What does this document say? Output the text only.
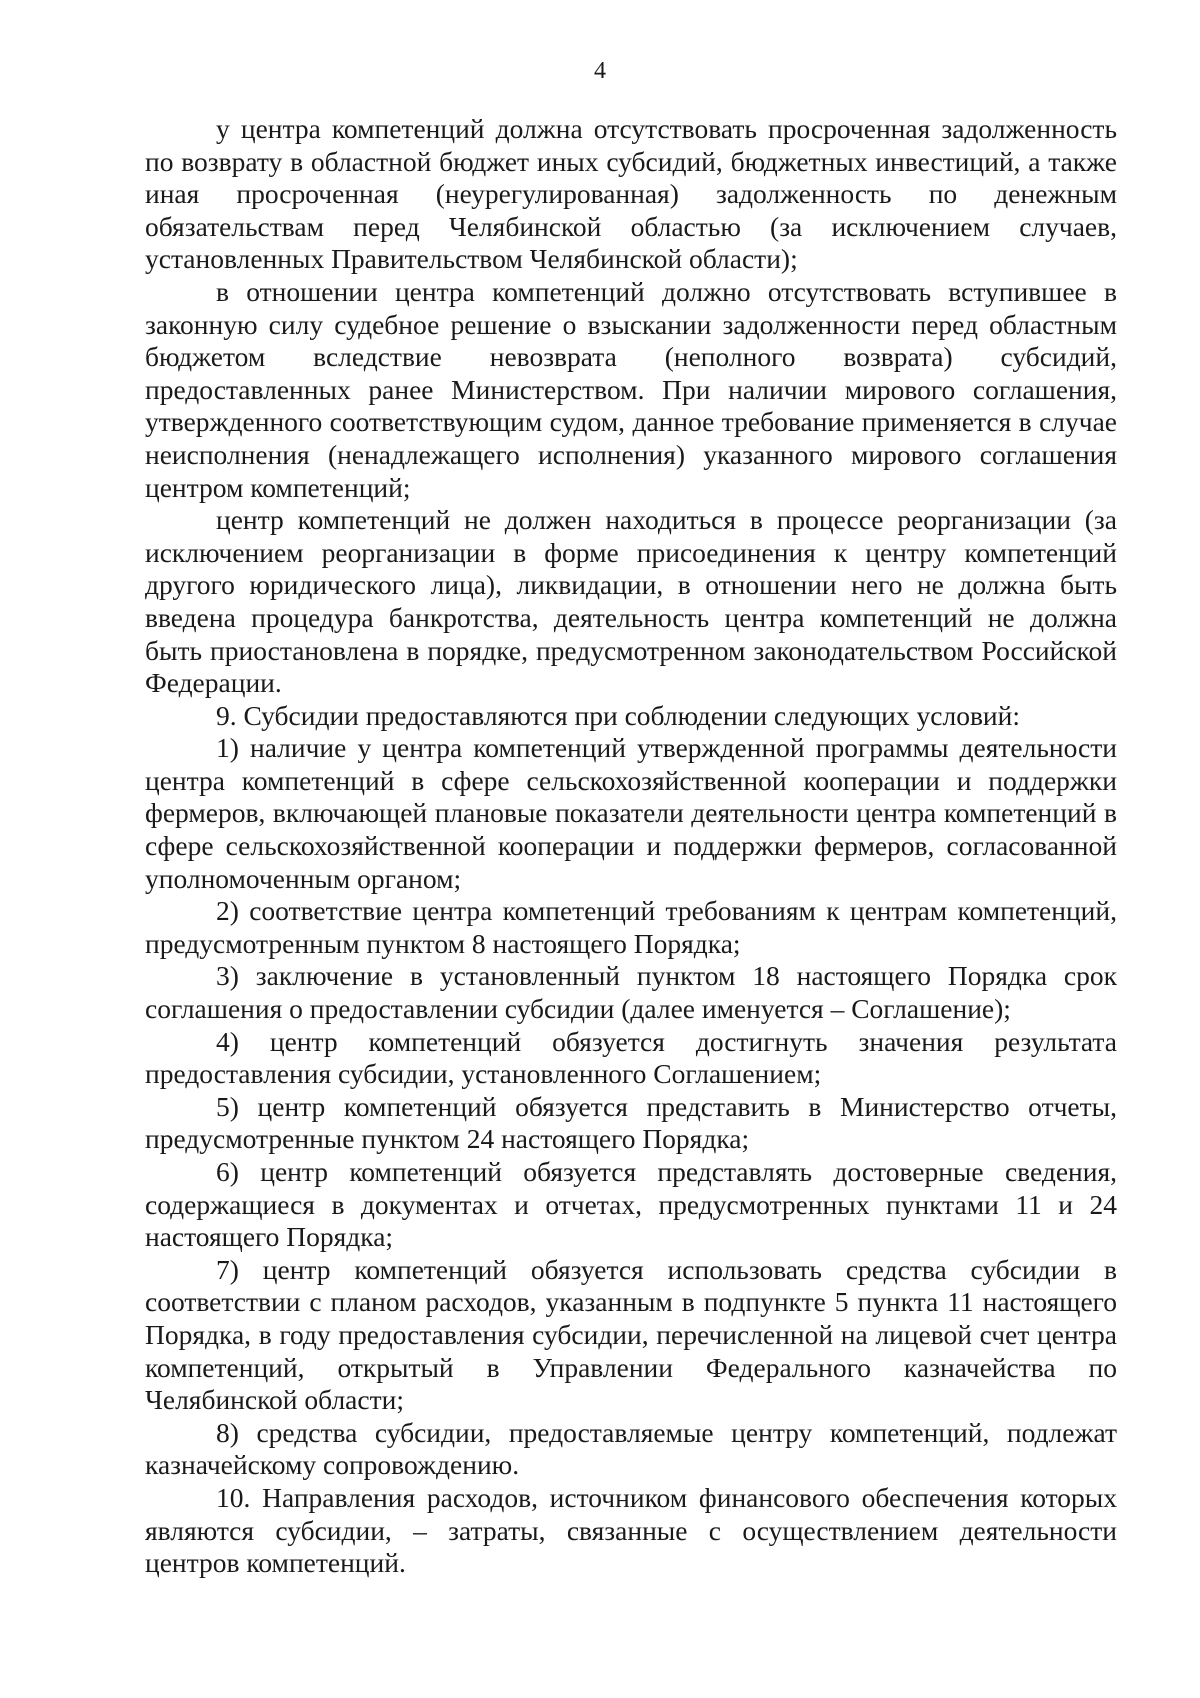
4

у центра компетенций должна отсутствовать просроченная задолженность по возврату в областной бюджет иных субсидий, бюджетных инвестиций, а также иная просроченная (неурегулированная) задолженность по денежным обязательствам перед Челябинской областью (за исключением случаев, установленных Правительством Челябинской области);

в отношении центра компетенций должно отсутствовать вступившее в законную силу судебное решение о взыскании задолженности перед областным бюджетом вследствие невозврата (неполного возврата) субсидий, предоставленных ранее Министерством. При наличии мирового соглашения, утвержденного соответствующим судом, данное требование применяется в случае неисполнения (ненадлежащего исполнения) указанного мирового соглашения центром компетенций;

центр компетенций не должен находиться в процессе реорганизации (за исключением реорганизации в форме присоединения к центру компетенций другого юридического лица), ликвидации, в отношении него не должна быть введена процедура банкротства, деятельность центра компетенций не должна быть приостановлена в порядке, предусмотренном законодательством Российской Федерации.

9. Субсидии предоставляются при соблюдении следующих условий:

1) наличие у центра компетенций утвержденной программы деятельности центра компетенций в сфере сельскохозяйственной кооперации и поддержки фермеров, включающей плановые показатели деятельности центра компетенций в сфере сельскохозяйственной кооперации и поддержки фермеров, согласованной уполномоченным органом;

2) соответствие центра компетенций требованиям к центрам компетенций, предусмотренным пунктом 8 настоящего Порядка;

3) заключение в установленный пунктом 18 настоящего Порядка срок соглашения о предоставлении субсидии (далее именуется – Соглашение);

4) центр компетенций обязуется достигнуть значения результата предоставления субсидии, установленного Соглашением;

5) центр компетенций обязуется представить в Министерство отчеты, предусмотренные пунктом 24 настоящего Порядка;

6) центр компетенций обязуется представлять достоверные сведения, содержащиеся в документах и отчетах, предусмотренных пунктами 11 и 24 настоящего Порядка;

7) центр компетенций обязуется использовать средства субсидии в соответствии с планом расходов, указанным в подпункте 5 пункта 11 настоящего Порядка, в году предоставления субсидии, перечисленной на лицевой счет центра компетенций, открытый в Управлении Федерального казначейства по Челябинской области;

8) средства субсидии, предоставляемые центру компетенций, подлежат казначейскому сопровождению.

10. Направления расходов, источником финансового обеспечения которых являются субсидии, – затраты, связанные с осуществлением деятельности центров компетенций.
